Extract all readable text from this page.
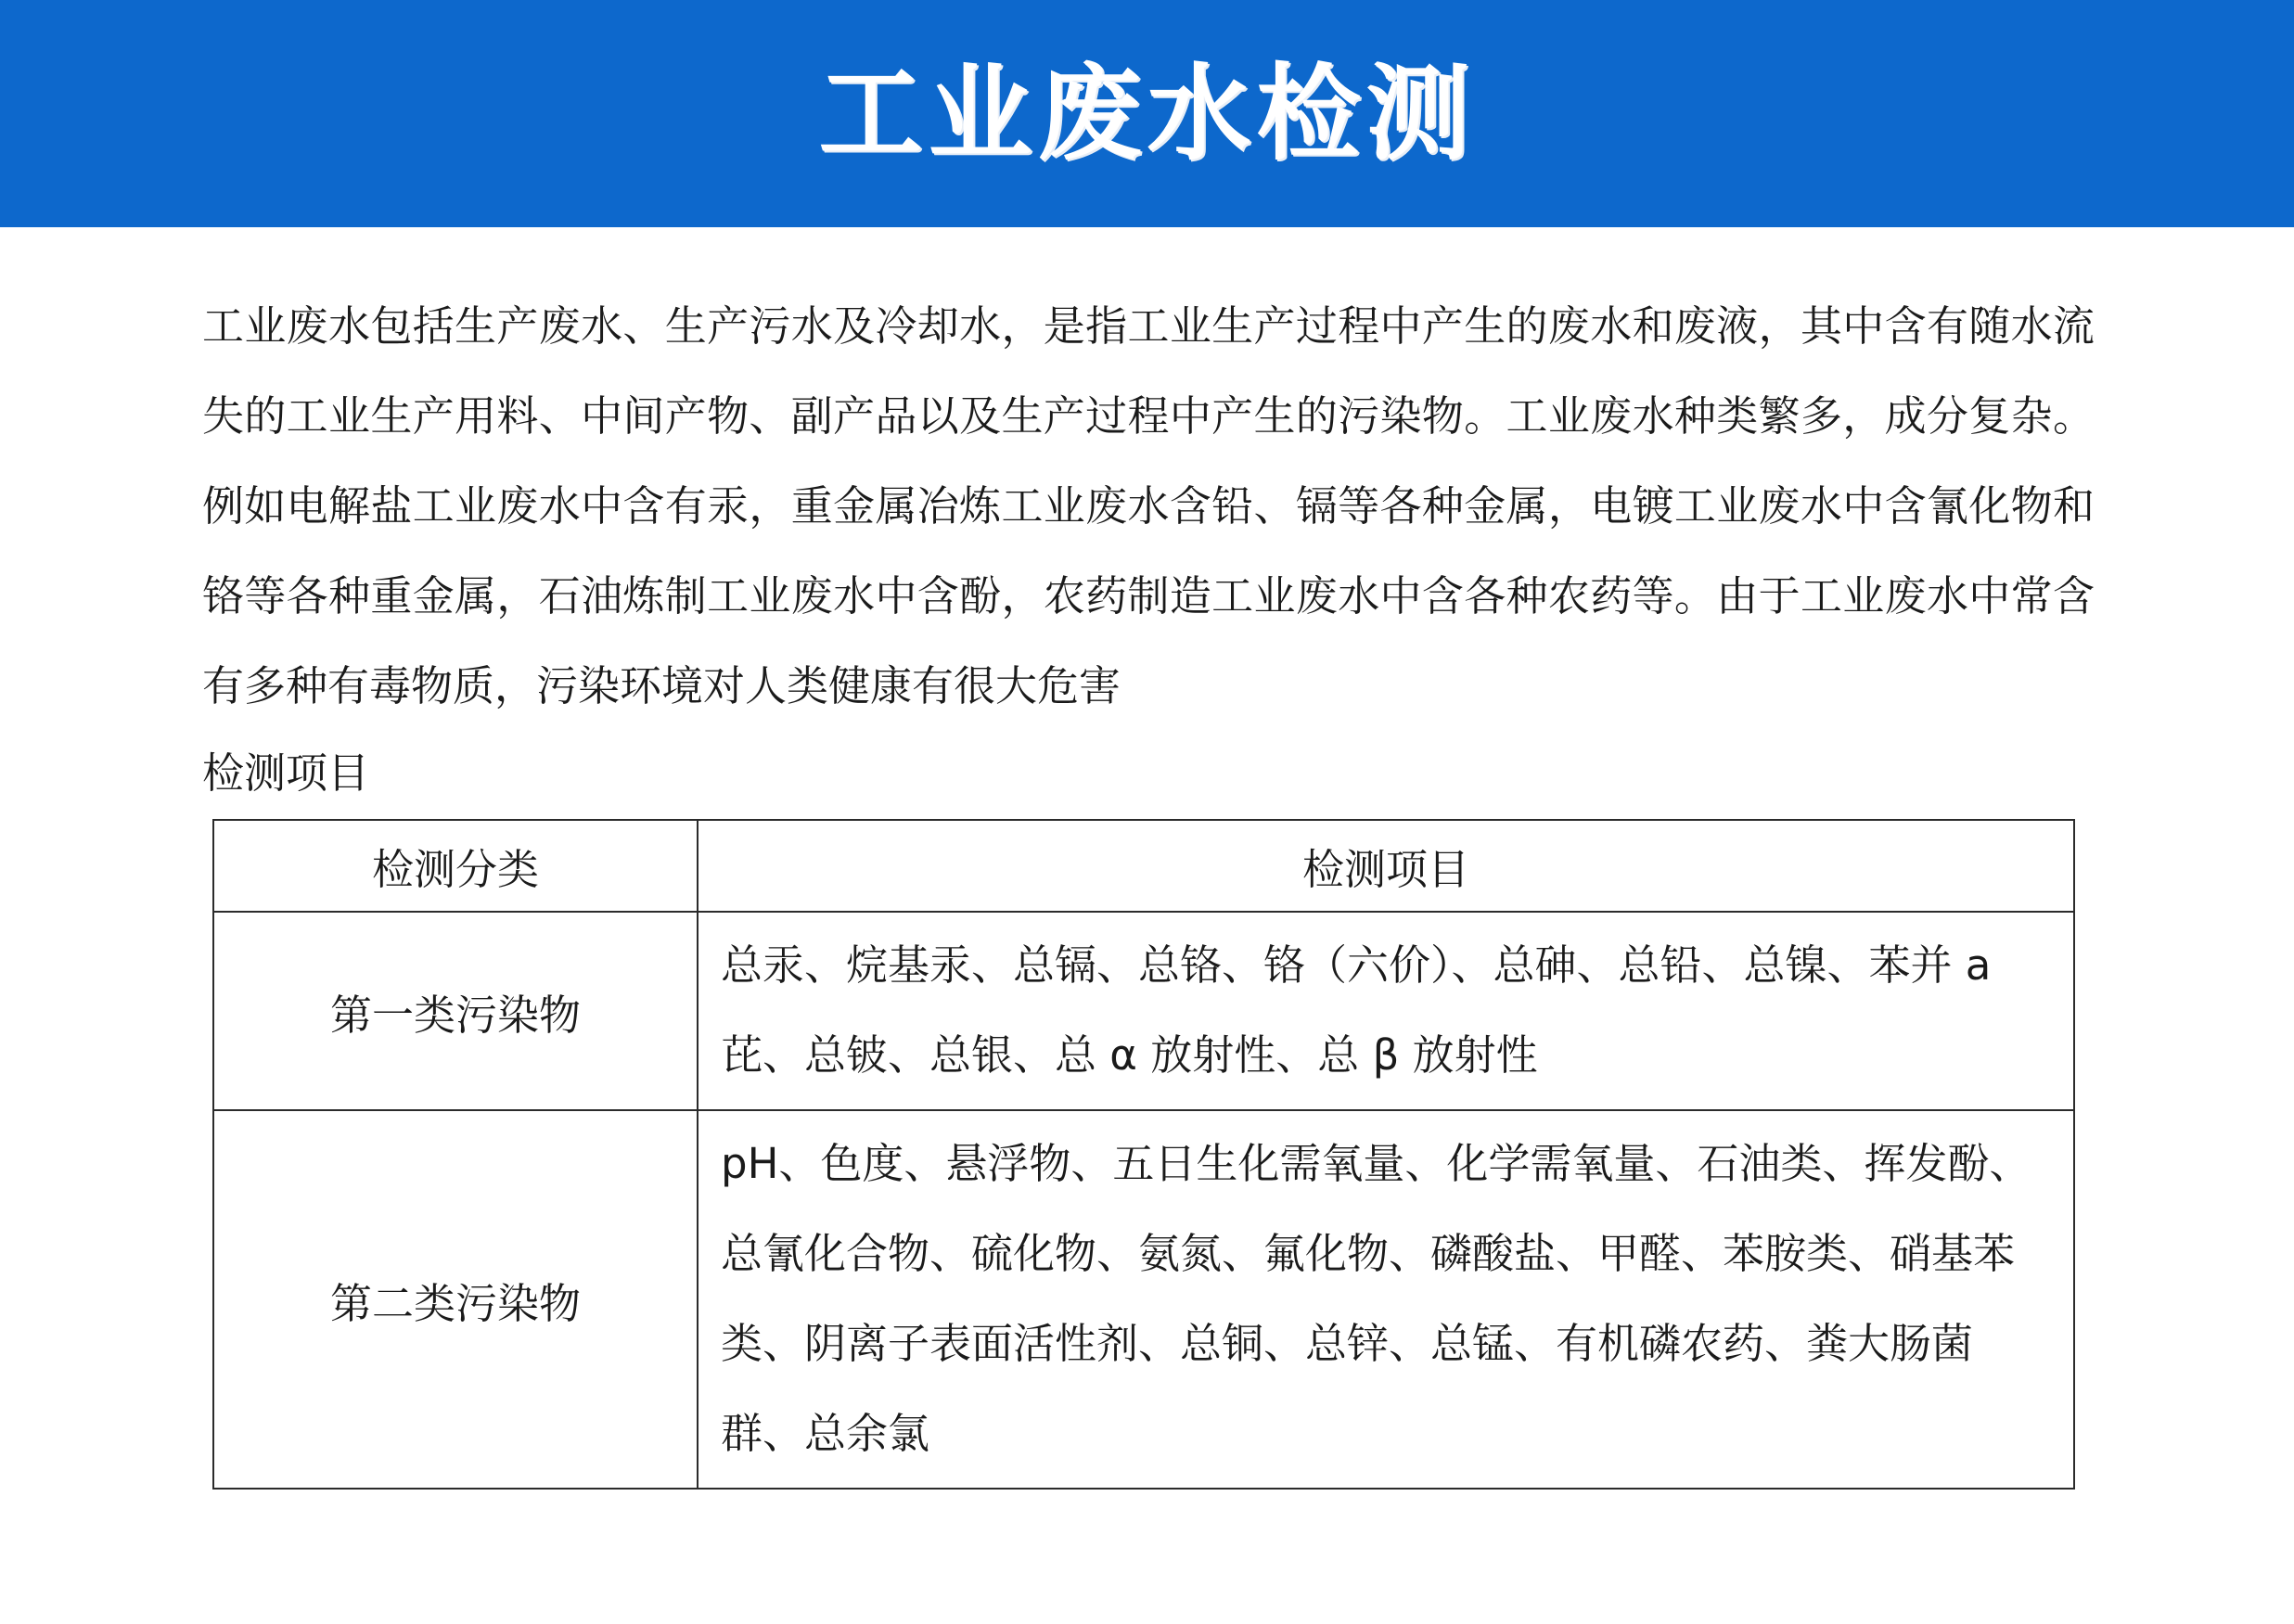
工业废水检测

工业废水包括生产废水、生产污水及冷却水，是指工业生产过程中产生的废水和废液，其中含有随水流失的工业生产用料、中间产物、副产品以及生产过程中产生的污染物。工业废水种类繁多，成分复杂。例如电解盐工业废水中含有汞，重金属冶炼工业废水含铅、镉等各种金属，电镀工业废水中含氰化物和铬等各种重金属，石油炼制工业废水中含酚，农药制造工业废水中含各种农药等。由于工业废水中常含有多种有毒物质，污染环境对人类健康有很大危害

检测项目

检测分类	检测项目
第一类污染物	总汞、烷基汞、总镉、总铬、铬（六价）、总砷、总铅、总镍、苯并 a 芘、总铍、总银、总 α 放射性、总 β 放射性
第二类污染物	pH、色度、悬浮物、五日生化需氧量、化学需氧量、石油类、挥发酚、总氰化合物、硫化物、氨氮、氟化物、磷酸盐、甲醛、苯胺类、硝基苯类、阴离子表面活性剂、总铜、总锌、总锰、有机磷农药、粪大肠菌群、总余氯
